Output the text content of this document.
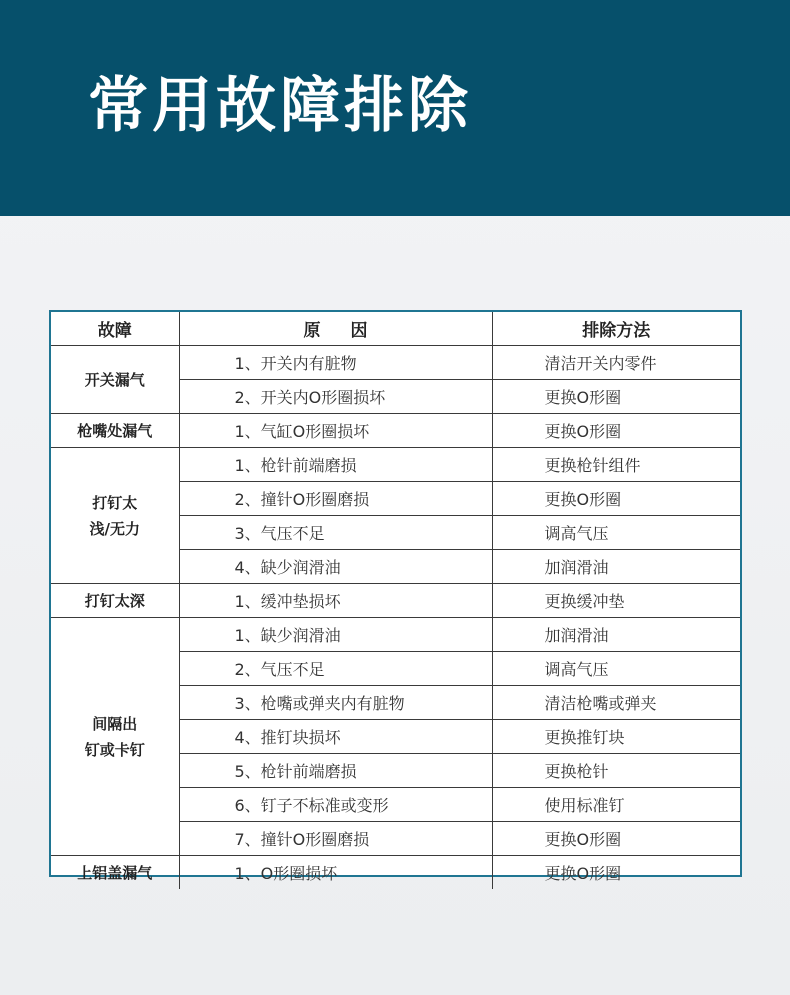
常用故障排除
故障	原因	排除方法

开关漏气	1、开关内有脏物	清洁开关内零件
	2、开关内O形圈损坏	更换O形圈

枪嘴处漏气	1、气缸O形圈损坏	更换O形圈

打钉太
浅/无力	1、枪针前端磨损	更换枪针组件
	2、撞针O形圈磨损	更换O形圈
	3、气压不足	调高气压
	4、缺少润滑油	加润滑油

打钉太深	1、缓冲垫损坏	更换缓冲垫

间隔出
钉或卡钉	1、缺少润滑油	加润滑油
	2、气压不足	调高气压
	3、枪嘴或弹夹内有脏物	清洁枪嘴或弹夹
	4、推钉块损坏	更换推钉块
	5、枪针前端磨损	更换枪针
	6、钉子不标准或变形	使用标准钉
	7、撞针O形圈磨损	更换O形圈

上铝盖漏气	1、O形圈损坏	更换O形圈
